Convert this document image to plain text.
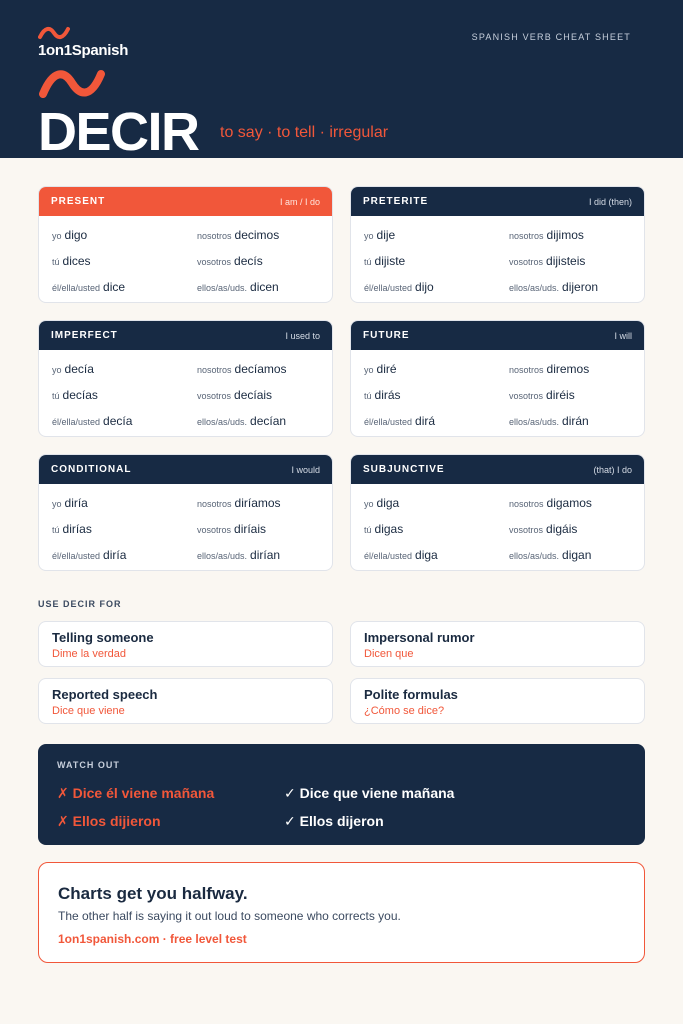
1on1Spanish
SPANISH VERB CHEAT SHEET
DECIR to say · to tell · irregular
PRESENT	I am / I do
yo digo	nosotros decimos
tú dices	vosotros decís
él/ella/usted dice	ellos/as/uds. dicen
PRETERITE	I did (then)
yo dije	nosotros dijimos
tú dijiste	vosotros dijisteis
él/ella/usted dijo	ellos/as/uds. dijeron
IMPERFECT	I used to
yo decía	nosotros decíamos
tú decías	vosotros decíais
él/ella/usted decía	ellos/as/uds. decían
FUTURE	I will
yo diré	nosotros diremos
tú dirás	vosotros diréis
él/ella/usted dirá	ellos/as/uds. dirán
CONDITIONAL	I would
yo diría	nosotros diríamos
tú dirías	vosotros diríais
él/ella/usted diría	ellos/as/uds. dirían
SUBJUNCTIVE	(that) I do
yo diga	nosotros digamos
tú digas	vosotros digáis
él/ella/usted diga	ellos/as/uds. digan
USE DECIR FOR
Telling someone
Dime la verdad
Impersonal rumor
Dicen que
Reported speech
Dice que viene
Polite formulas
¿Cómo se dice?
WATCH OUT
✗ Dice él viene mañana	✓ Dice que viene mañana
✗ Ellos dijieron	✓ Ellos dijeron
Charts get you halfway.
The other half is saying it out loud to someone who corrects you.
1on1spanish.com · free level test
